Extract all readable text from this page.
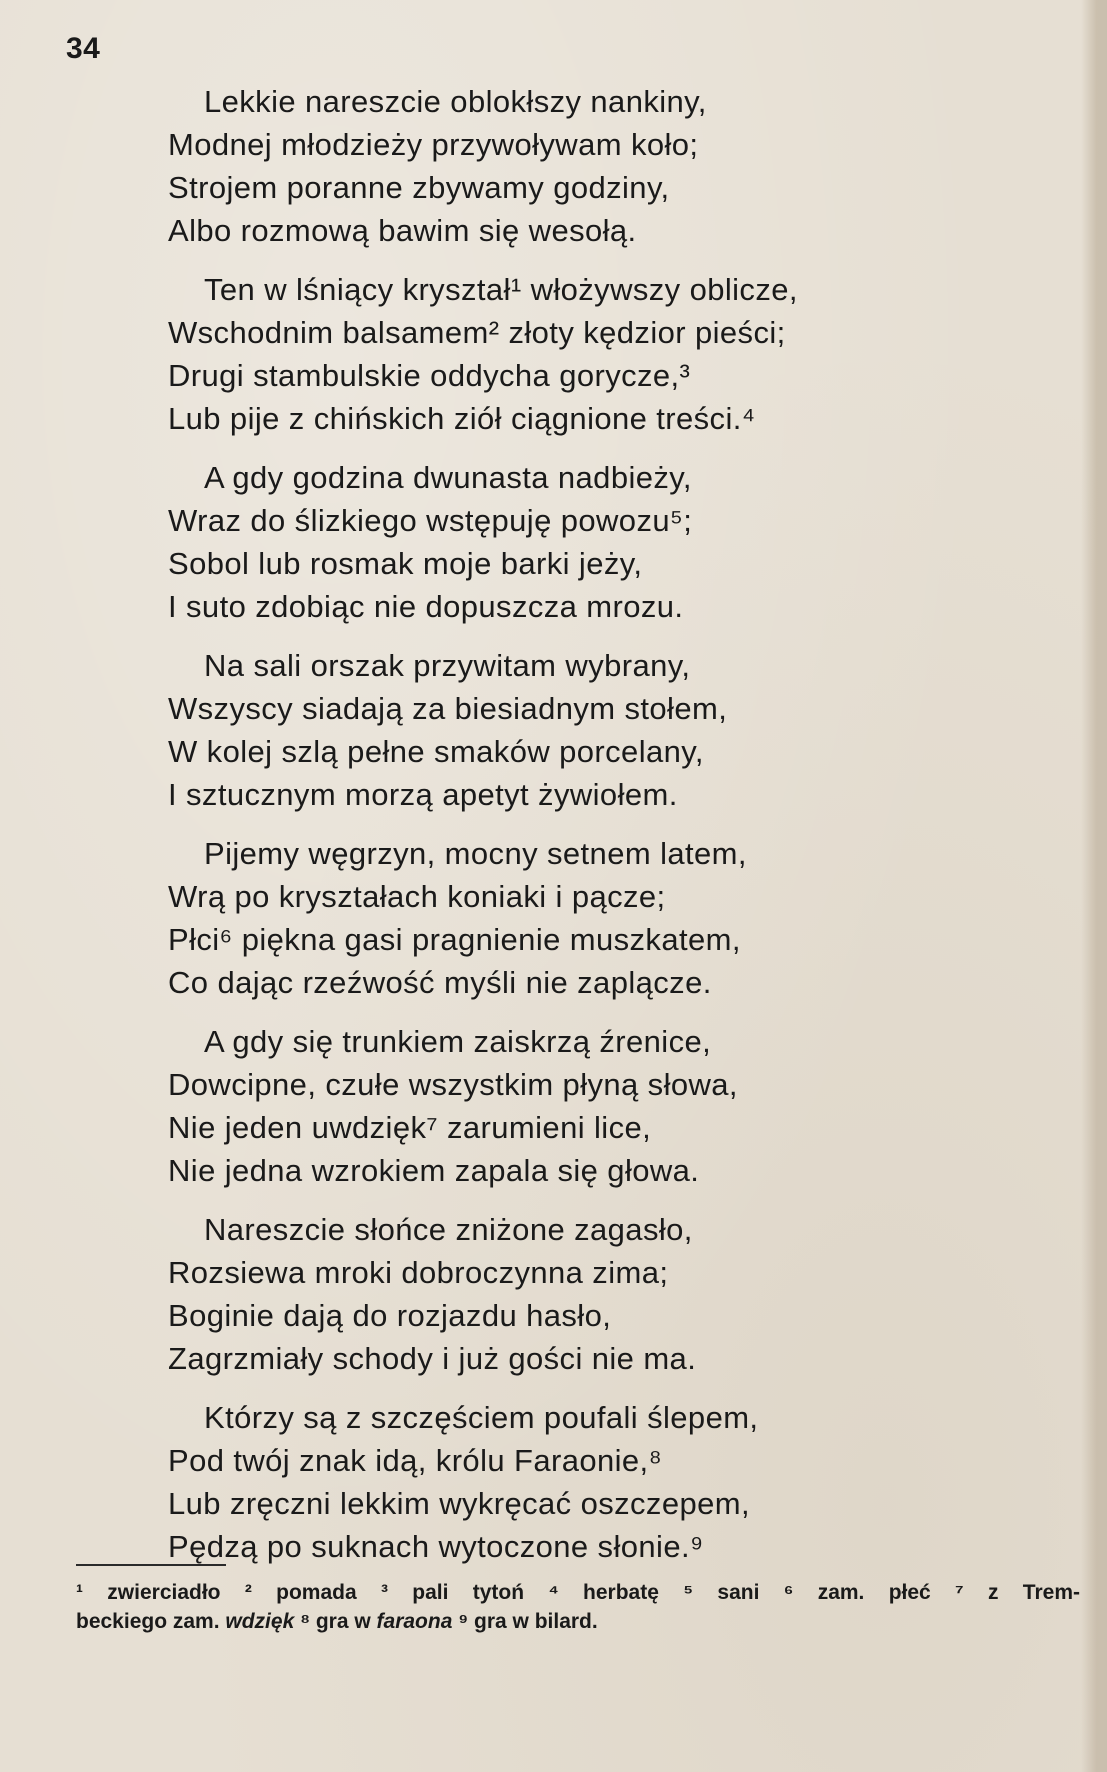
34
Lekkie nareszcie oblokłszy nankiny,
Modnej młodzieży przywoływam koło;
Strojem poranne zbywamy godziny,
Albo rozmową bawim się wesołą.
Ten w lśniący kryształ¹ włożywszy oblicze,
Wschodnim balsamem² złoty kędzior pieści;
Drugi stambulskie oddycha gorycze,³
Lub pije z chińskich ziół ciągnione treści.⁴
A gdy godzina dwunasta nadbieży,
Wraz do ślizkiego wstępuję powozu⁵;
Sobol lub rosmak moje barki jeży,
I suto zdobiąc nie dopuszcza mrozu.
Na sali orszak przywitam wybrany,
Wszyscy siadają za biesiadnym stołem,
W kolej szlą pełne smaków porcelany,
I sztucznym morzą apetyt żywiołem.
Pijemy węgrzyn, mocny setnem latem,
Wrą po kryształach koniaki i pącze;
Płci⁶ piękna gasi pragnienie muszkatem,
Co dając rzeźwość myśli nie zaplącze.
A gdy się trunkiem zaiskrzą źrenice,
Dowcipne, czułe wszystkim płyną słowa,
Nie jeden uwdzięk⁷ zarumieni lice,
Nie jedna wzrokiem zapala się głowa.
Nareszcie słońce zniżone zagasło,
Rozsiewa mroki dobroczynna zima;
Boginie dają do rozjazdu hasło,
Zagrzmiały schody i już gości nie ma.
Którzy są z szczęściem poufali ślepem,
Pod twój znak idą, królu Faraonie,⁸
Lub zręczni lekkim wykręcać oszczepem,
Pędzą po suknach wytoczone słonie.⁹
¹ zwierciadło ² pomada ³ pali tytoń ⁴ herbatę ⁵ sani ⁶ zam. płeć ⁷ z Trem-
beckiego zam. wdzięk ⁸ gra w faraona ⁹ gra w bilard.
